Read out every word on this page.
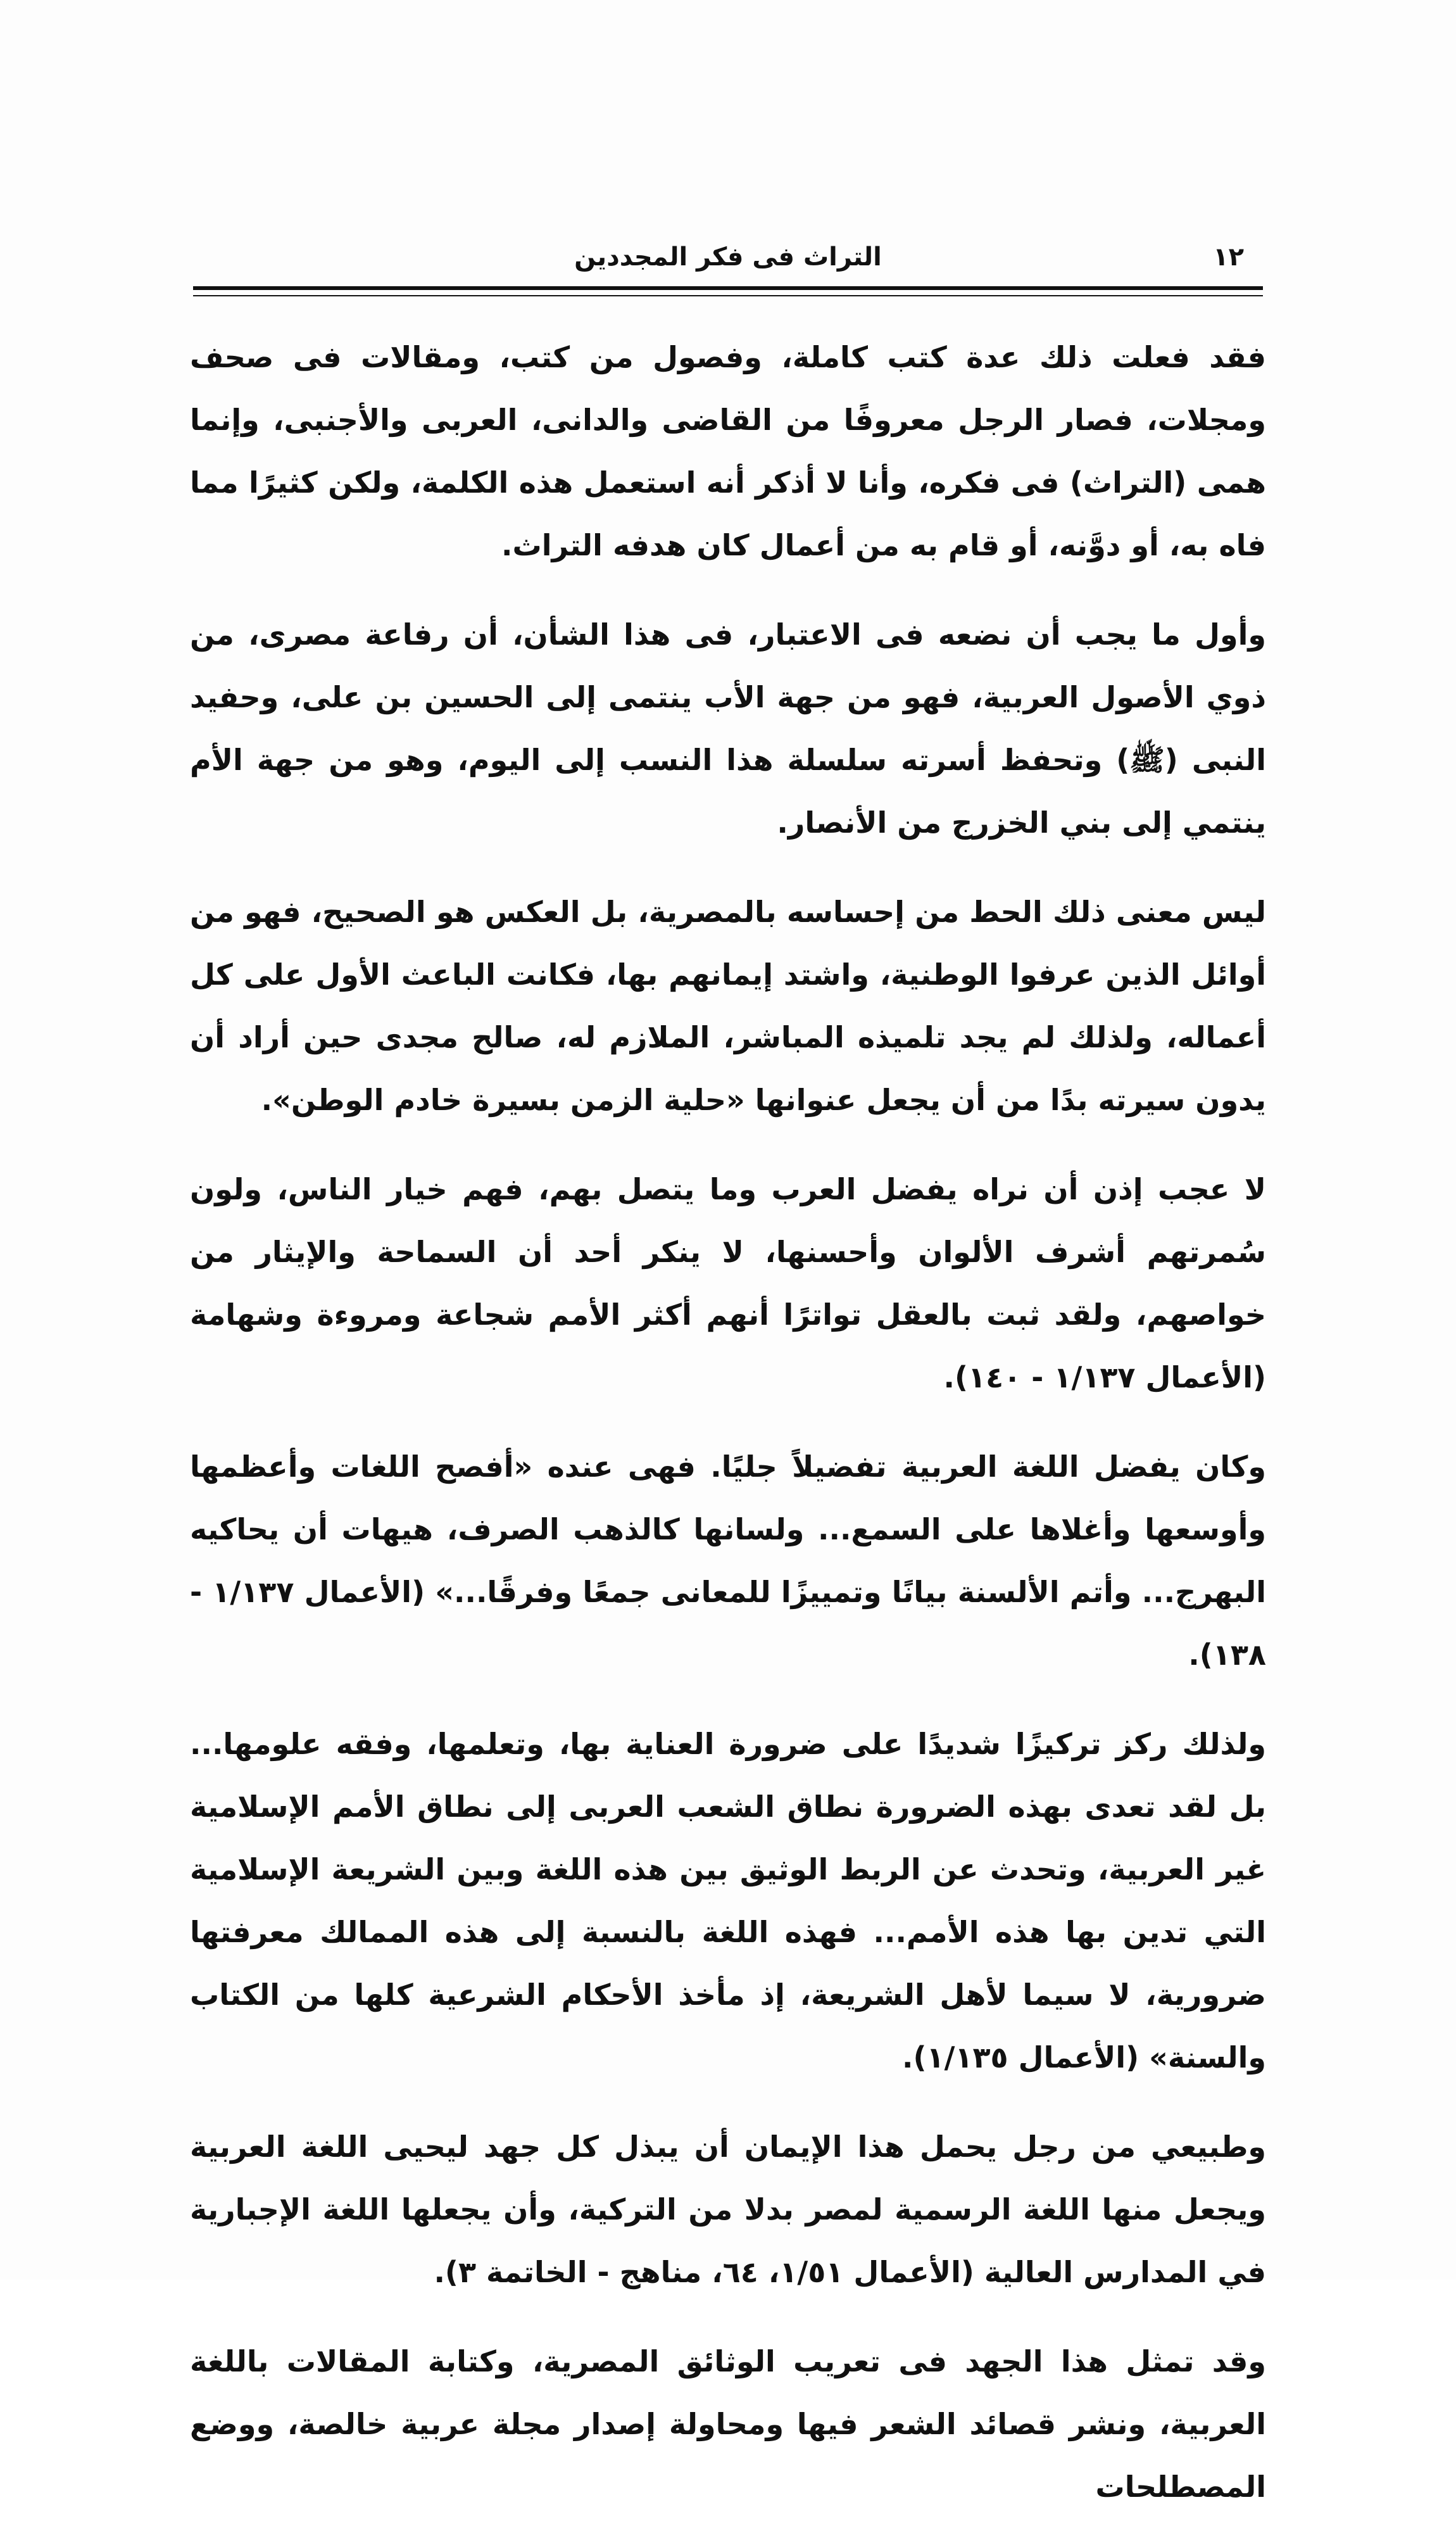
١٢
التراث فى فكر المجددين

فقد فعلت ذلك عدة كتب كاملة، وفصول من كتب، ومقالات فى صحف ومجلات، فصار الرجل معروفًا من القاضى والدانى، العربى والأجنبى، وإنما همى (التراث) فى فكره، وأنا لا أذكر أنه استعمل هذه الكلمة، ولكن كثيرًا مما فاه به، أو دوَّنه، أو قام به من أعمال كان هدفه التراث.

وأول ما يجب أن نضعه فى الاعتبار، فى هذا الشأن، أن رفاعة مصرى، من ذوي الأصول العربية، فهو من جهة الأب ينتمى إلى الحسين بن على، وحفيد النبى (ﷺ) وتحفظ أسرته سلسلة هذا النسب إلى اليوم، وهو من جهة الأم ينتمي إلى بني الخزرج من الأنصار.

ليس معنى ذلك الحط من إحساسه بالمصرية، بل العكس هو الصحيح، فهو من أوائل الذين عرفوا الوطنية، واشتد إيمانهم بها، فكانت الباعث الأول على كل أعماله، ولذلك لم يجد تلميذه المباشر، الملازم له، صالح مجدى حين أراد أن يدون سيرته بدًا من أن يجعل عنوانها «حلية الزمن بسيرة خادم الوطن».

لا عجب إذن أن نراه يفضل العرب وما يتصل بهم، فهم خيار الناس، ولون سُمرتهم أشرف الألوان وأحسنها، لا ينكر أحد أن السماحة والإيثار من خواصهم، ولقد ثبت بالعقل تواترًا أنهم أكثر الأمم شجاعة ومروءة وشهامة (الأعمال ١/١٣٧ - ١٤٠).

وكان يفضل اللغة العربية تفضيلاً جليًا. فهى عنده «أفصح اللغات وأعظمها وأوسعها وأغلاها على السمع... ولسانها كالذهب الصرف، هيهات أن يحاكيه البهرج... وأتم الألسنة بيانًا وتمييزًا للمعانى جمعًا وفرقًا...» (الأعمال ١/١٣٧ - ١٣٨).

ولذلك ركز تركيزًا شديدًا على ضرورة العناية بها، وتعلمها، وفقه علومها... بل لقد تعدى بهذه الضرورة نطاق الشعب العربى إلى نطاق الأمم الإسلامية غير العربية، وتحدث عن الربط الوثيق بين هذه اللغة وبين الشريعة الإسلامية التي تدين بها هذه الأمم... فهذه اللغة بالنسبة إلى هذه الممالك معرفتها ضرورية، لا سيما لأهل الشريعة، إذ مأخذ الأحكام الشرعية كلها من الكتاب والسنة» (الأعمال ١/١٣٥).

وطبيعي من رجل يحمل هذا الإيمان أن يبذل كل جهد ليحيى اللغة العربية ويجعل منها اللغة الرسمية لمصر بدلا من التركية، وأن يجعلها اللغة الإجبارية في المدارس العالية (الأعمال ١/٥١، ٦٤، مناهج - الخاتمة ٣).

وقد تمثل هذا الجهد فى تعريب الوثائق المصرية، وكتابة المقالات باللغة العربية، ونشر قصائد الشعر فيها ومحاولة إصدار مجلة عربية خالصة، ووضع المصطلحات
